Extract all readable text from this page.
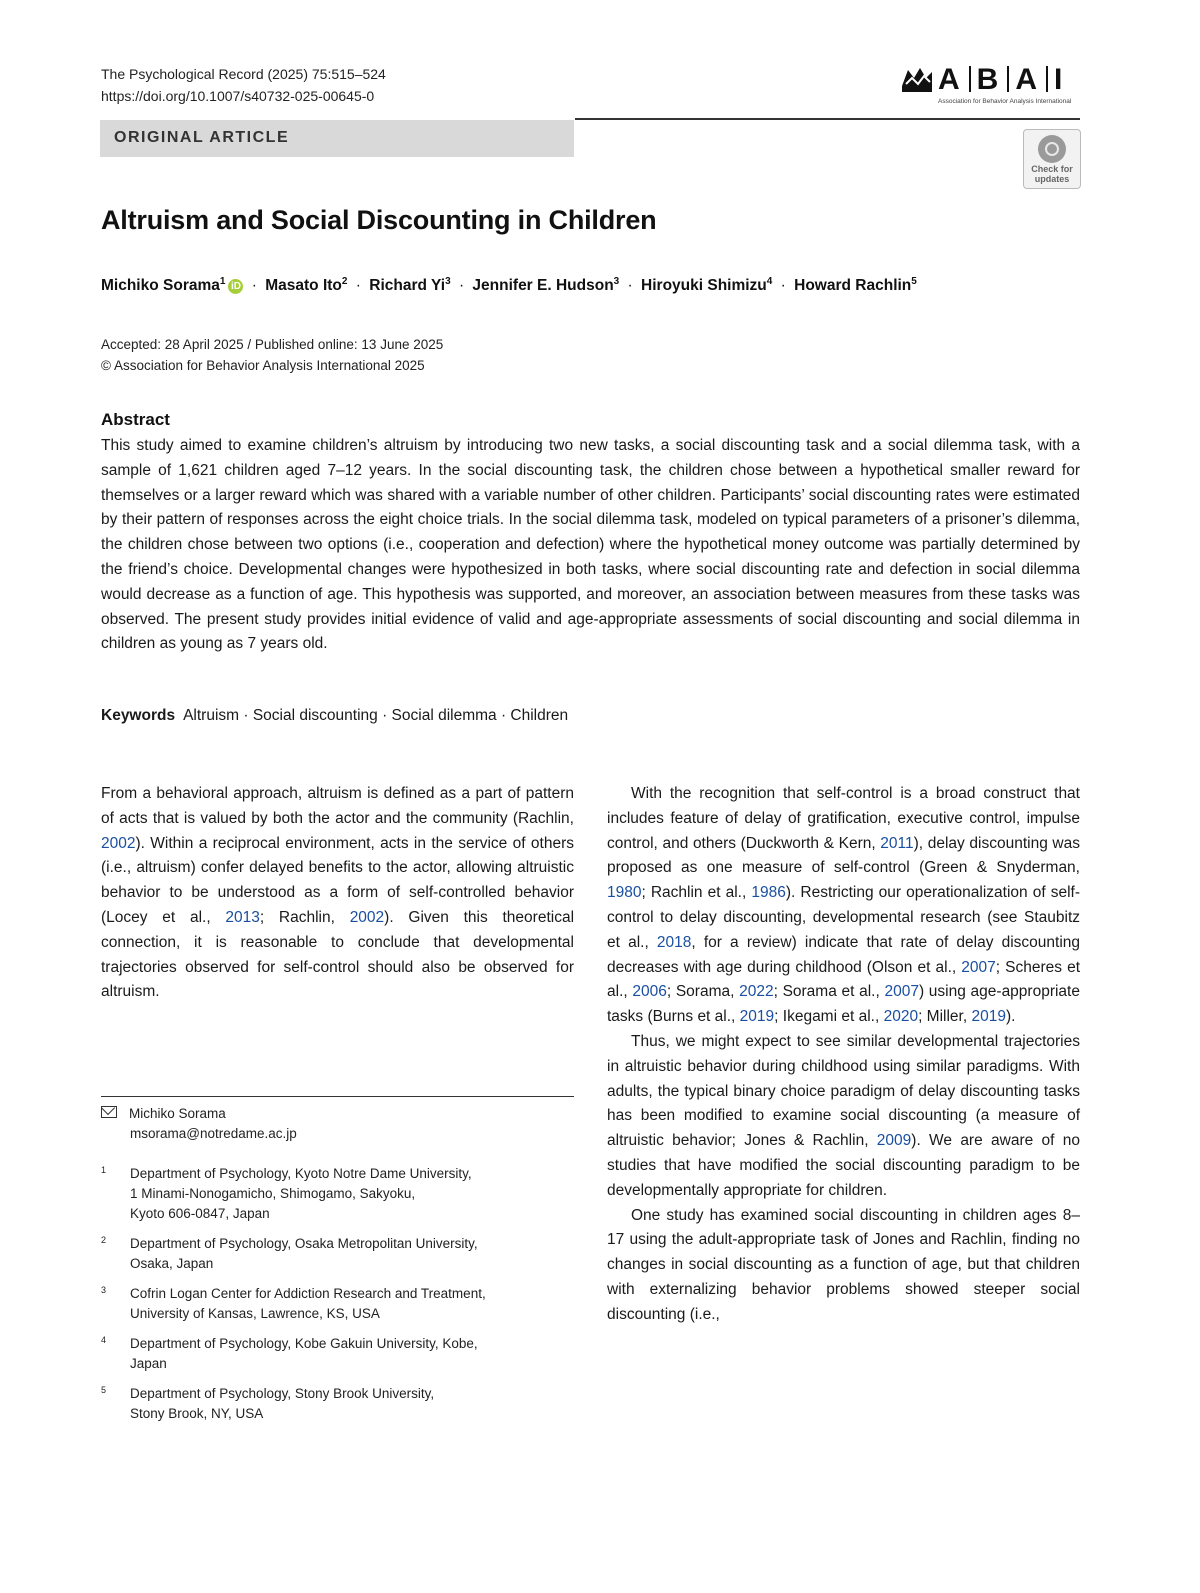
The Psychological Record (2025) 75:515–524
https://doi.org/10.1007/s40732-025-00645-0	A B A I
Association for Behavior Analysis International
ORIGINAL ARTICLE
Check for
updates
Altruism and Social Discounting in Children
Michiko Sorama$^1$ iD · Masato Ito$^2$ · Richard $Yi^3$ · Jennifer E. Hudson$^3$ · Hiroyuki Shimizu$^4$ · Howard Rachlin$^5$
Accepted: 28 April 2025 / Published online: 13 June 2025
© Association for Behavior Analysis International 2025
Abstract
This study aimed to examine children’s altruism by introducing two new tasks, a social discounting task and a social dilemma task, with a sample of 1,621 children aged 7–12 years. In the social discounting task, the children chose between a hypothetical smaller reward for themselves or a larger reward which was shared with a variable number of other children. Participants’ social discounting rates were estimated by their pattern of responses across the eight choice trials. In the social dilemma task, modeled on typical parameters of a prisoner’s dilemma, the children chose between two options (i.e., cooperation and defection) where the hypothetical money outcome was partially determined by the friend’s choice. Developmental changes were hypothesized in both tasks, where social discounting rate and defection in social dilemma would decrease as a function of age. This hypothesis was supported, and moreover, an association between measures from these tasks was observed. The present study provides initial evidence of valid and age-appropriate assessments of social discounting and social dilemma in children as young as 7 years old.
Keywords Altruism · Social discounting · Social dilemma · Children

From a behavioral approach, altruism is defined as a part of pattern of acts that is valued by both the actor and the community (Rachlin, 2002). Within a reciprocal environment, acts in the service of others (i.e., altruism) confer delayed benefits to the actor, allowing altruistic behavior to be understood as a form of self-controlled behavior (Locey et al., 2013; Rachlin, 2002). Given this theoretical connection, it is reasonable to conclude that developmental trajectories observed for self-control should also be observed for altruism.

Michiko Sorama
msorama@notredame.ac.jp
1	Department of Psychology, Kyoto Notre Dame University,
1 Minami-Nonogamicho, Shimogamo, Sakyoku,
Kyoto 606-0847, Japan
2	Department of Psychology, Osaka Metropolitan University,
Osaka, Japan
3	Cofrin Logan Center for Addiction Research and Treatment,
University of Kansas, Lawrence, KS, USA
4	Department of Psychology, Kobe Gakuin University, Kobe,
Japan
5	Department of Psychology, Stony Brook University,
Stony Brook, NY, USA

With the recognition that self-control is a broad construct that includes feature of delay of gratification, executive control, impulse control, and others (Duckworth & Kern, 2011), delay discounting was proposed as one measure of self-control (Green & Snyderman, 1980; Rachlin et al., 1986). Restricting our operationalization of self-control to delay discounting, developmental research (see Staubitz et al., 2018, for a review) indicate that rate of delay discounting decreases with age during childhood (Olson et al., 2007; Scheres et al., 2006; Sorama, 2022; Sorama et al., 2007) using age-appropriate tasks (Burns et al., 2019; Ikegami et al., 2020; Miller, 2019).

Thus, we might expect to see similar developmental trajectories in altruistic behavior during childhood using similar paradigms. With adults, the typical binary choice paradigm of delay discounting tasks has been modified to examine social discounting (a measure of altruistic behavior; Jones & Rachlin, 2009). We are aware of no studies that have modified the social discounting paradigm to be developmentally appropriate for children.

One study has examined social discounting in children ages 8–17 using the adult-appropriate task of Jones and Rachlin, finding no changes in social discounting as a function of age, but that children with externalizing behavior problems showed steeper social discounting (i.e.,
